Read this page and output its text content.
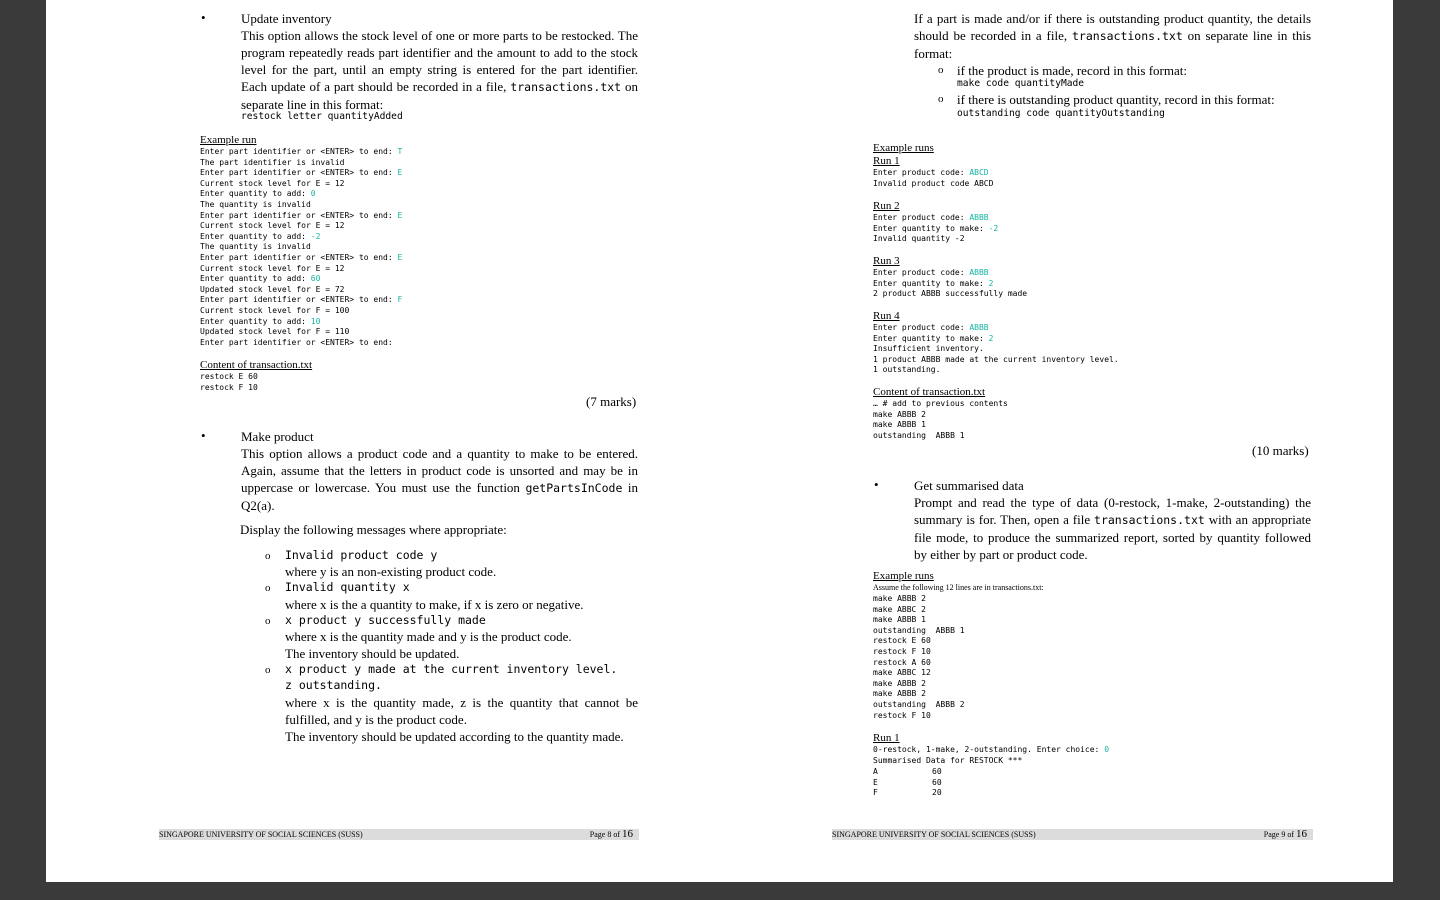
•	Update inventory
This option allows the stock level of one or more parts to be restocked. The program repeatedly reads part identifier and the amount to add to the stock level for the part, until an empty string is entered for the part identifier. Each update of a part should be recorded in a file, transactions.txt on separate line in this format:
restock letter quantityAdded
Example run
Enter part identifier or <ENTER> to end: T
The part identifier is invalid
Enter part identifier or <ENTER> to end: E
Current stock level for E = 12
Enter quantity to add: 0
The quantity is invalid
Enter part identifier or <ENTER> to end: E
Current stock level for E = 12
Enter quantity to add: -2
The quantity is invalid
Enter part identifier or <ENTER> to end: E
Current stock level for E = 12
Enter quantity to add: 60
Updated stock level for E = 72
Enter part identifier or <ENTER> to end: F
Current stock level for F = 100
Enter quantity to add: 10
Updated stock level for F = 110
Enter part identifier or <ENTER> to end:
Content of transaction.txt
restock E 60
restock F 10
(7 marks)
•	Make product
This option allows a product code and a quantity to make to be entered. Again, assume that the letters in product code is unsorted and may be in uppercase or lowercase. You must use the function getPartsInCode in Q2(a).
Display the following messages where appropriate:
o Invalid product code y
where y is an non-existing product code.
o Invalid quantity x
where x is the a quantity to make, if x is zero or negative.
o x product y successfully made
where x is the quantity made and y is the product code.
The inventory should be updated.
o x product y made at the current inventory level.
z outstanding.
where x is the quantity made, z is the quantity that cannot be fulfilled, and y is the product code.
The inventory should be updated according to the quantity made.
SINGAPORE UNIVERSITY OF SOCIAL SCIENCES (SUSS)	Page 8 of 16
If a part is made and/or if there is outstanding product quantity, the details should be recorded in a file, transactions.txt on separate line in this format:
o if the product is made, record in this format:
make code quantityMade
o if there is outstanding product quantity, record in this format:
outstanding code quantityOutstanding
Example runs
Run 1
Enter product code: ABCD
Invalid product code ABCD
Run 2
Enter product code: ABBB
Enter quantity to make: -2
Invalid quantity -2
Run 3
Enter product code: ABBB
Enter quantity to make: 2
2 product ABBB successfully made
Run 4
Enter product code: ABBB
Enter quantity to make: 2
Insufficient inventory.
1 product ABBB made at the current inventory level.
1 outstanding.
Content of transaction.txt
… # add to previous contents
make ABBB 2
make ABBB 1
outstanding  ABBB 1
(10 marks)
•	Get summarised data
Prompt and read the type of data (0-restock, 1-make, 2-outstanding) the summary is for. Then, open a file transactions.txt with an appropriate file mode, to produce the summarized report, sorted by quantity followed by either by part or product code.
Example runs
Assume the following 12 lines are in transactions.txt:
make ABBB 2
make ABBC 2
make ABBB 1
outstanding  ABBB 1
restock E 60
restock F 10
restock A 60
make ABBC 12
make ABBB 2
make ABBB 2
outstanding  ABBB 2
restock F 10
Run 1
0-restock, 1-make, 2-outstanding. Enter choice: 0
Summarised Data for RESTOCK ***
A	60
E	60
F	20
SINGAPORE UNIVERSITY OF SOCIAL SCIENCES (SUSS)	Page 9 of 16
